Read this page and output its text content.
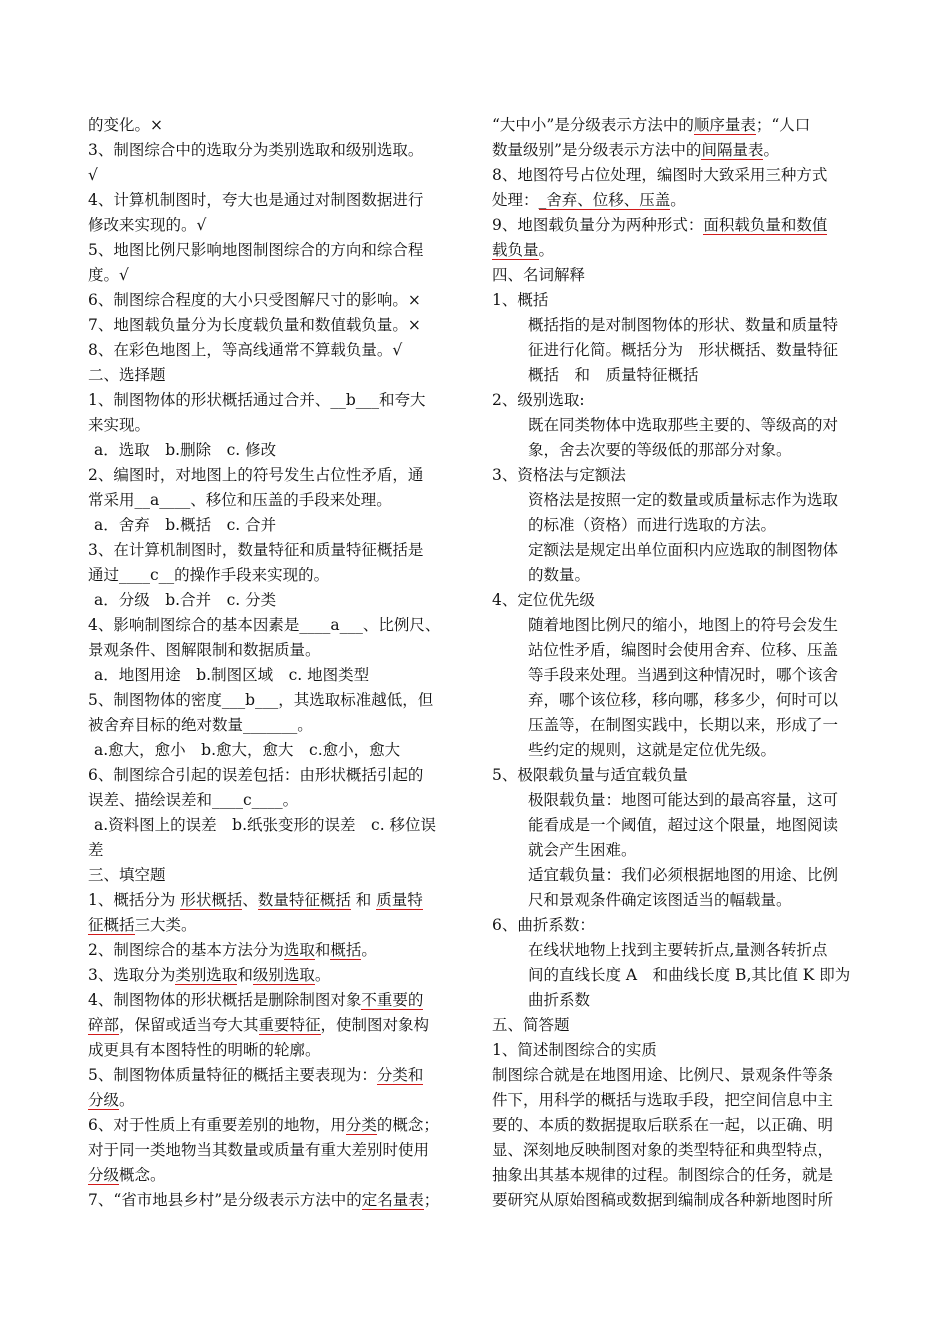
的变化。×
3、制图综合中的选取分为类别选取和级别选取。
√
4、计算机制图时，夸大也是通过对制图数据进行
修改来实现的。√
5、地图比例尺影响地图制图综合的方向和综合程
度。√
6、制图综合程度的大小只受图解尺寸的影响。×
7、地图载负量分为长度载负量和数值载负量。×
8、在彩色地图上，等高线通常不算载负量。√
二、选择题
1、制图物体的形状概括通过合并、__b___和夸大
来实现。
a．选取　b.删除　c. 修改
2、编图时，对地图上的符号发生占位性矛盾，通
常采用__a____、移位和压盖的手段来处理。
a．舍弃　b.概括　c. 合并
3、在计算机制图时，数量特征和质量特征概括是
通过____c__的操作手段来实现的。
a．分级　b.合并　c. 分类
4、影响制图综合的基本因素是____a___、比例尺、
景观条件、图解限制和数据质量。
a．地图用途　b.制图区域　c. 地图类型
5、制图物体的密度___b___，其选取标准越低，但
被舍弃目标的绝对数量_______。
a.愈大，愈小　b.愈大，愈大　c.愈小，愈大
6、制图综合引起的误差包括：由形状概括引起的
误差、描绘误差和____c____。
a.资料图上的误差　b.纸张变形的误差　c. 移位误
差
三、填空题
1、概括分为 形状概括、数量特征概括 和 质量特
征概括三大类。
2、制图综合的基本方法分为选取和概括。
3、选取分为类别选取和级别选取。
4、制图物体的形状概括是删除制图对象不重要的
碎部，保留或适当夸大其重要特征，使制图对象构
成更具有本图特性的明晰的轮廓。
5、制图物体质量特征的概括主要表现为：分类和
分级。
6、对于性质上有重要差别的地物，用分类的概念；
对于同一类地物当其数量或质量有重大差别时使用
分级概念。
7、“省市地县乡村”是分级表示方法中的定名量表；
“大中小”是分级表示方法中的顺序量表；“人口
数量级别”是分级表示方法中的间隔量表。
8、地图符号占位处理，编图时大致采用三种方式
处理：_舍弃、位移、压盖。
9、地图载负量分为两种形式：面积载负量和数值
载负量。
四、名词解释
1、概括
概括指的是对制图物体的形状、数量和质量特
征进行化简。概括分为　形状概括、数量特征
概括　和　质量特征概括
2、级别选取:
既在同类物体中选取那些主要的、等级高的对
象，舍去次要的等级低的那部分对象。
3、资格法与定额法
资格法是按照一定的数量或质量标志作为选取
的标准（资格）而进行选取的方法。
定额法是规定出单位面积内应选取的制图物体
的数量。
4、定位优先级
随着地图比例尺的缩小，地图上的符号会发生
站位性矛盾，编图时会使用舍弃、位移、压盖
等手段来处理。当遇到这种情况时，哪个该舍
弃，哪个该位移，移向哪，移多少，何时可以
压盖等，在制图实践中，长期以来，形成了一
些约定的规则，这就是定位优先级。
5、极限载负量与适宜载负量
极限载负量：地图可能达到的最高容量，这可
能看成是一个阈值，超过这个限量，地图阅读
就会产生困难。
适宜载负量：我们必须根据地图的用途、比例
尺和景观条件确定该图适当的幅载量。
6、曲折系数：
在线状地物上找到主要转折点,量测各转折点
间的直线长度 A　和曲线长度 B,其比值 K 即为
曲折系数
五、简答题
1、简述制图综合的实质
制图综合就是在地图用途、比例尺、景观条件等条
件下，用科学的概括与选取手段，把空间信息中主
要的、本质的数据提取后联系在一起，以正确、明
显、深刻地反映制图对象的类型特征和典型特点，
抽象出其基本规律的过程。制图综合的任务，就是
要研究从原始图稿或数据到编制成各种新地图时所
